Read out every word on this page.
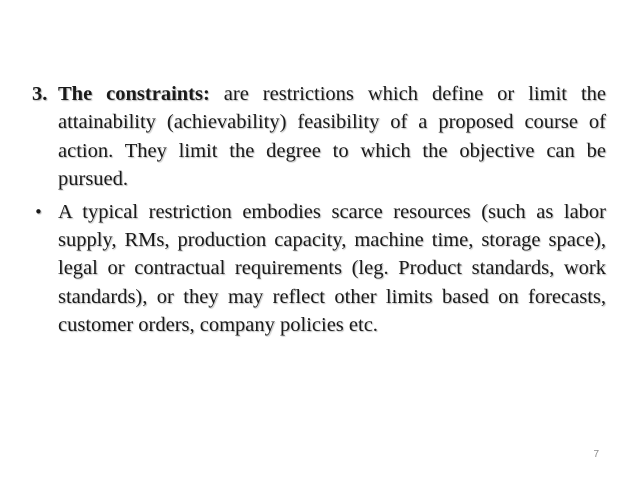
3. The constraints: are restrictions which define or limit the attainability (achievability) feasibility of a proposed course of action. They limit the degree to which the objective can be pursued.
• A typical restriction embodies scarce resources (such as labor supply, RMs, production capacity, machine time, storage space), legal or contractual requirements (leg. Product standards, work standards), or they may reflect other limits based on forecasts, customer orders, company policies etc.
7
